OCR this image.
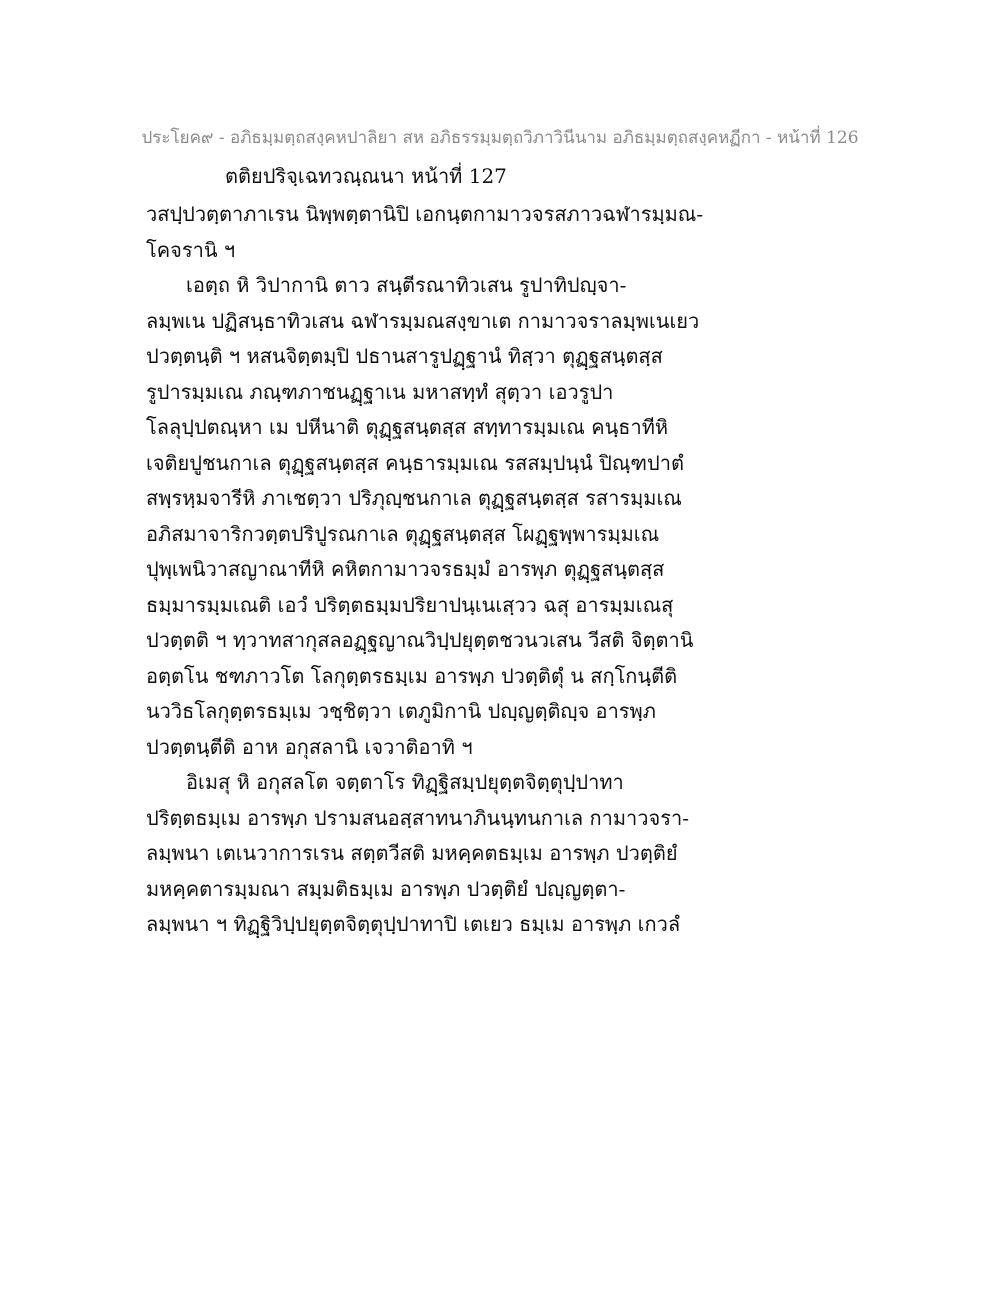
ประโยค๙ - อภิธมฺมตฺถสงฺคหปาลิยา สห อภิธรรมฺมตฺถวิภาวินีนาม อภิธมฺมตฺถสงฺคหฏีกา - หน้าที่ 126
ตติยปริจฺเฉทวณฺณนา หน้าที่ 127
วสปฺปวตฺตาภาเรน นิพฺพตฺตานิปิ เอกนฺตกามาวจรสภาวฉฬารมฺมณ-
โคจรานิ ฯ
เอตฺถ หิ วิปากานิ ตาว สนฺตีรณาทิวเสน รูปาทิปญฺจา-
ลมฺพเน ปฏิสนฺธาทิวเสน ฉฬารมฺมณสงฺขาเต กามาวจราลมฺพเนเยว
ปวตฺตนฺติ ฯ หสนจิตฺตมฺปิ ปธานสารูปฏฺฐานํ ทิสฺวา ตุฏฺฐสนฺตสฺส
รูปารมฺมเณ ภณฺฑภาชนฏฺฐาเน มหาสทฺทํ สุตฺวา เอวรูปา
โลลุปฺปตณฺหา เม ปหีนาติ ตุฏฺฐสนฺตสฺส สทฺทารมฺมเณ คนฺธาทีหิ
เจติยปูชนกาเล ตุฏฺฐสนฺตสฺส คนฺธารมฺมเณ รสสมฺปนฺนํ ปิณฺฑปาตํ
สพฺรหฺมจารีหิ ภาเชตฺวา ปริภุญฺชนกาเล ตุฏฺฐสนฺตสฺส รสารมฺมเณ
อภิสมาจาริกวตฺตปริปูรณกาเล ตุฏฺฐสนฺตสฺส โผฏฺฐพฺพารมฺมเณ
ปุพฺเพนิวาสญาณาทีหิ คหิตกามาวจรธมฺมํ อารพฺภ ตุฏฺฐสนฺตสฺส
ธมฺมารมฺมเณติ เอวํ ปริตฺตธมฺมปริยาปนฺเนเสฺวว ฉสุ อารมฺมเณสุ
ปวตฺตติ ฯ ทฺวาทสากุสลอฏฺฐญาณวิปฺปยุตฺตชวนวเสน วีสติ จิตฺตานิ
อตฺตโน ชฑภาวโต โลกุตฺตรธมฺเม อารพฺภ ปวตฺติตุํ น สกฺโกนฺตีติ
นววิธโลกุตฺตรธมฺเม วชฺชิตฺวา เตภูมิกานิ ปญฺญตฺติญฺจ อารพฺภ
ปวตฺตนฺตีติ อาห อกุสลานิ เจวาติอาทิ ฯ
อิเมสุ หิ อกุสลโต จตฺตาโร ทิฏฺฐิสมฺปยุตฺตจิตฺตุปฺปาทา
ปริตฺตธมฺเม อารพฺภ ปรามสนอสฺสาทนาภินนฺทนกาเล กามาวจรา-
ลมฺพนา เตเนวาการเรน สตฺตวีสติ มหคฺคตธมฺเม อารพฺภ ปวตฺติยํ
มหคฺคตารมฺมณา สมฺมติธมฺเม อารพฺภ ปวตฺติยํ ปญฺญตฺตา-
ลมฺพนา ฯ ทิฏฺฐิวิปฺปยุตฺตจิตฺตุปฺปาทาปิ เตเยว ธมฺเม อารพฺภ เกวลํ
